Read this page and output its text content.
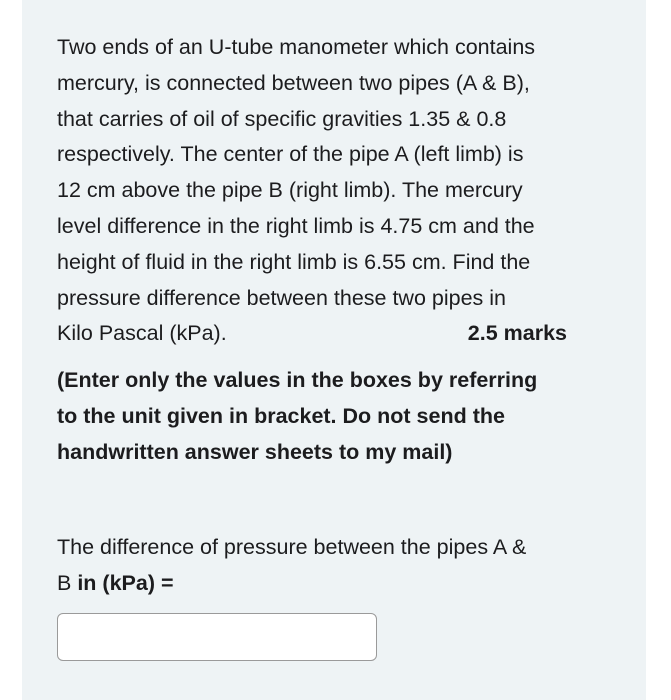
Two ends of an U-tube manometer which contains
mercury, is connected between two pipes (A & B),
that carries of oil of specific gravities 1.35 & 0.8
respectively. The center of the pipe A (left limb) is
12 cm above the pipe B (right limb). The mercury
level difference in the right limb is 4.75 cm and the
height of fluid in the right limb is 6.55 cm. Find the
pressure difference between these two pipes in
Kilo Pascal (kPa).	2.5 marks
(Enter only the values in the boxes by referring
to the unit given in bracket. Do not send the
handwritten answer sheets to my mail)
The difference of pressure between the pipes A &
B in (kPa) =
